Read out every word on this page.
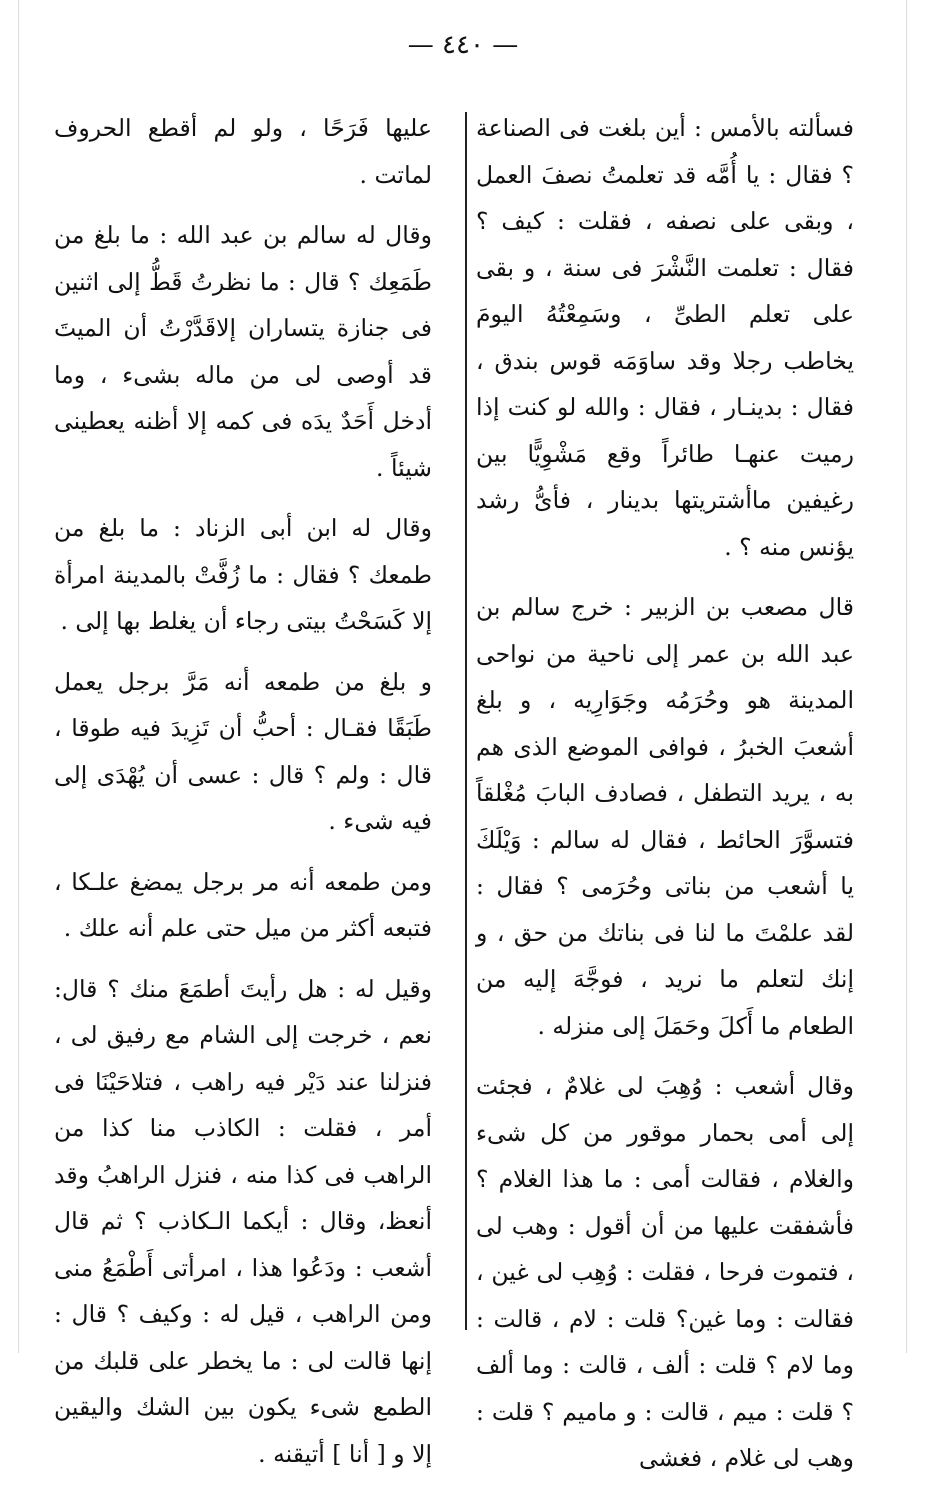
— ٤٤٠ —

فسألته بالأمس : أين بلغت فى الصناعة ؟ فقال : يا أُمَّه قد تعلمتُ نصفَ العمل ، وبقى على نصفه ، فقلت : كيف ؟ فقال : تعلمت النَّشْرَ فى سنة ، و بقى على تعلم الطىِّ ، وسَمِعْتُهُ اليومَ يخاطب رجلا وقد ساوَمَه قوس بندق ، فقال : بدينـار ، فقال : والله لو كنت إذا رميت عنهـا طائراً وقع مَشْوِيًّا بين رغيفين ماأشتريتها بدينار ، فأىُّ رشد يؤنس منه ؟ .

قال مصعب بن الزبير : خرج سالم بن عبد الله بن عمر إلى ناحية من نواحى المدينة هو وحُرَمُه وجَوَارِيه ، و بلغ أشعبَ الخبرُ ، فوافى الموضع الذى هم به ، يريد التطفل ، فصادف البابَ مُغْلقاً فتسوَّرَ الحائط ، فقال له سالم : وَيْلَكَ يا أشعب من بناتى وحُرَمى ؟ فقال : لقد علمْتَ ما لنا فى بناتك من حق ، و إنك لتعلم ما نريد ، فوجَّهَ إليه من الطعام ما أَكلَ وحَمَلَ إلى منزله .

وقال أشعب : وُهِبَ لى غلامٌ ، فجئت إلى أمى بحمار موقور من كل شىء والغلام ، فقالت أمى : ما هذا الغلام ؟ فأشفقت عليها من أن أقول : وهب لى ، فتموت فرحا ، فقلت : وُهِب لى غين ، فقالت : وما غين؟ قلت : لام ، قالت : وما لام ؟ قلت : ألف ، قالت : وما ألف ؟ قلت : ميم ، قالت : و ماميم ؟ قلت : وهب لى غلام ، فغشى

عليها فَرَحًا ، ولو لم أقطع الحروف لماتت .

وقال له سالم بن عبد الله : ما بلغ من طَمَعِك ؟ قال : ما نظرتُ قَطُّ إلى اثنين فى جنازة يتساران إلاقَدَّرْتُ أن الميتَ قد أوصى لى من ماله بشىء ، وما أدخل أَحَدٌ يدَه فى كمه إلا أظنه يعطينى شيئاً .

وقال له ابن أبى الزناد : ما بلغ من طمعك ؟ فقال : ما زُفَّتْ بالمدينة امرأة إلا كَسَحْتُ بيتى رجاء أن يغلط بها إلى .

و بلغ من طمعه أنه مَرَّ برجل يعمل طَبَقًا فقـال : أحبُّ أن تَزِيدَ فيه طوقا ، قال : ولم ؟ قال : عسى أن يُهْدَى إلى فيه شىء .

ومن طمعه أنه مر برجل يمضغ علـكا ، فتبعه أكثر من ميل حتى علم أنه علك .

وقيل له : هل رأيتَ أطمَعَ منك ؟ قال: نعم ، خرجت إلى الشام مع رفيق لى ، فنزلنا عند دَيْر فيه راهب ، فتلاحَيْنَا فى أمر ، فقلت : الكاذب منا كذا من الراهب فى كذا منه ، فنزل الراهبُ وقد أنعظ، وقال : أيكما الـكاذب ؟ ثم قال أشعب : ودَعُوا هذا ، امرأتى أَطْمَعُ منى ومن الراهب ، قيل له : وكيف ؟ قال : إنها قالت لى : ما يخطر على قلبك من الطمع شىء يكون بين الشك واليقين إلا و [ أنا ] أتيقنه .
